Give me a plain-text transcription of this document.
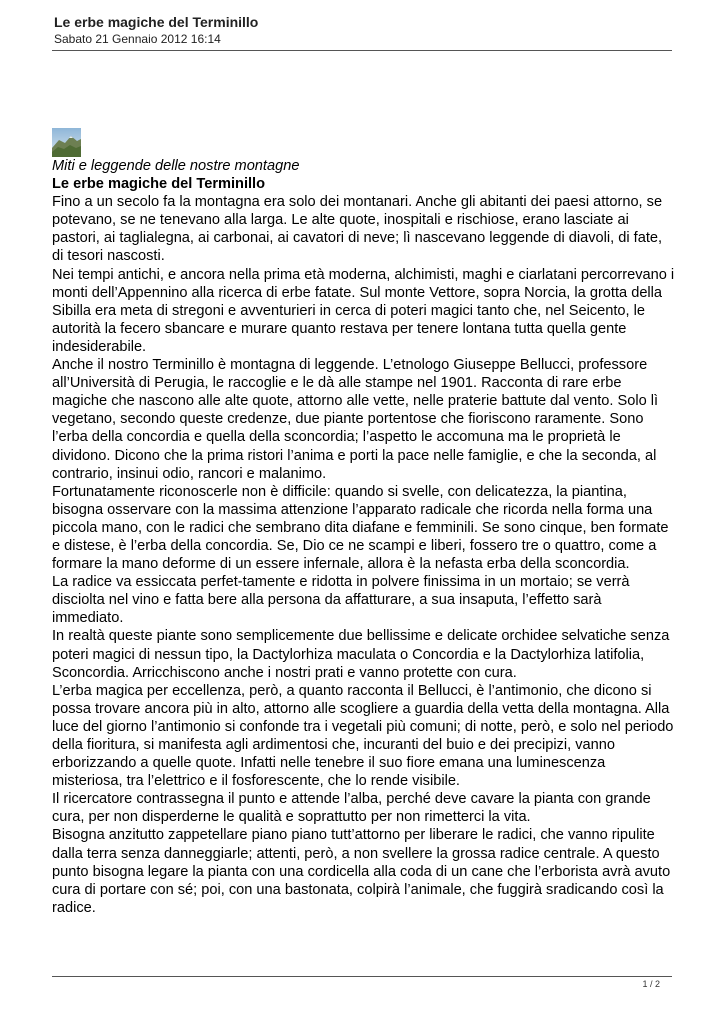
Le erbe magiche del Terminillo
Sabato 21 Gennaio 2012 16:14
Miti e leggende delle nostre montagne
Le erbe magiche del Terminillo

Fino a un secolo fa la montagna era solo dei montanari. Anche gli abitanti dei paesi attorno, se potevano, se ne tenevano alla larga. Le alte quote, inospitali e rischiose, erano lasciate ai pastori, ai taglialegna, ai carbonai, ai cavatori di neve; lì nascevano leggende di diavoli, di fate, di tesori nascosti.

Nei tempi antichi, e ancora nella prima età moderna, alchimisti, maghi e ciarlatani percorrevano i monti dell’Appennino alla ricerca di erbe fatate. Sul monte Vettore, sopra Norcia, la grotta della Sibilla era meta di stregoni e avventurieri in cerca di poteri magici tanto che, nel Seicento, le autorità la fecero sbancare e murare quanto restava per tenere lontana tutta quella gente indesiderabile.

Anche il nostro Terminillo è montagna di leggende. L’etnologo Giuseppe Bellucci, professore all’Università di Perugia, le raccoglie e le dà alle stampe nel 1901. Racconta di rare erbe magiche che nascono alle alte quote, attorno alle vette, nelle praterie battute dal vento. Solo lì vegetano, secondo queste credenze, due piante portentose che fioriscono raramente. Sono l’erba della concordia e quella della sconcordia; l’aspetto le accomuna ma le proprietà le dividono. Dicono che la prima ristori l’anima e porti la pace nelle famiglie, e che la seconda, al contrario, insinui odio, rancori e malanimo.

Fortunatamente riconoscerle non è difficile: quando si svelle, con delicatezza, la piantina, bisogna osservare con la massima attenzione l’apparato radicale che ricorda nella forma una piccola mano, con le radici che sembrano dita diafane e femminili. Se sono cinque, ben formate e distese, è l’erba della concordia. Se, Dio ce ne scampi e liberi, fossero tre o quattro, come a formare la mano deforme di un essere infernale, allora è la nefasta erba della sconcordia.

La radice va essiccata perfet-tamente e ridotta in polvere finissima in un mortaio; se verrà disciolta nel vino e fatta bere alla persona da affatturare, a sua insaputa, l’effetto sarà immediato.

In realtà queste piante sono semplicemente due bellissime e delicate orchidee selvatiche senza poteri magici di nessun tipo, la Dactylorhiza maculata o Concordia e la Dactylorhiza latifolia, Sconcordia. Arricchiscono anche i nostri prati e vanno protette con cura.

L’erba magica per eccellenza, però, a quanto racconta il Bellucci, è l’antimonio, che dicono si possa trovare ancora più in alto, attorno alle scogliere a guardia della vetta della montagna. Alla luce del giorno l’antimonio si confonde tra i vegetali più comuni; di notte, però, e solo nel periodo della fioritura, si manifesta agli ardimentosi che, incuranti del buio e dei precipizi, vanno erborizzando a quelle quote. Infatti nelle tenebre il suo fiore emana una luminescenza misteriosa, tra l’elettrico e il fosforescente, che lo rende visibile.

Il ricercatore contrassegna il punto e attende l’alba, perché deve cavare la pianta con grande cura, per non disperderne le qualità e soprattutto per non rimetterci la vita.

Bisogna anzitutto zappetellare piano piano tutt’attorno per liberare le radici, che vanno ripulite dalla terra senza danneggiarle; attenti, però, a non svellere la grossa radice centrale. A questo punto bisogna legare la pianta con una cordicella alla coda di un cane che l’erborista avrà avuto cura di portare con sé; poi, con una bastonata, colpirà l’animale, che fuggirà sradicando così la radice.

1 / 2
